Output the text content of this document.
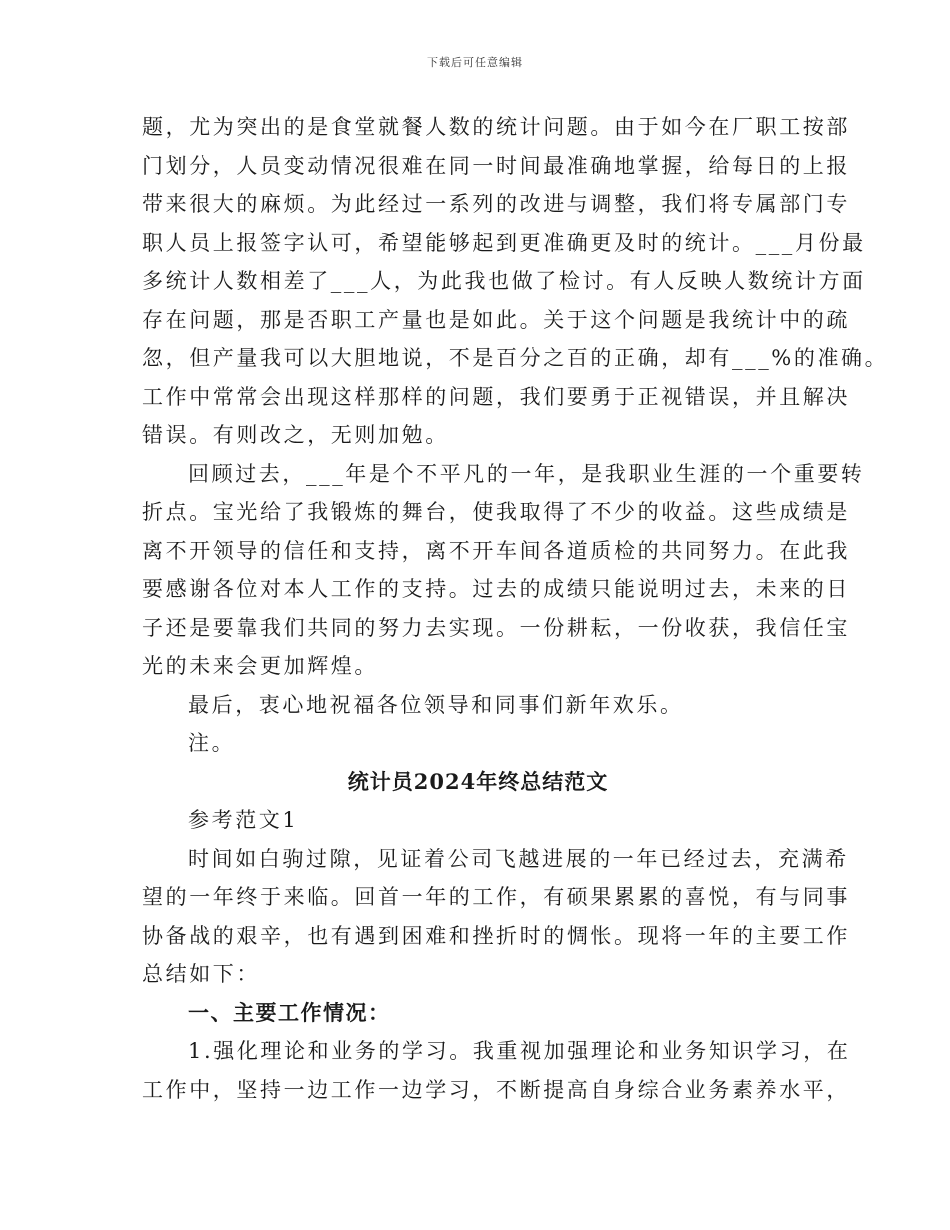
下载后可任意编辑
题，尤为突出的是食堂就餐人数的统计问题。由于如今在厂职工按部
门划分，人员变动情况很难在同一时间最准确地掌握，给每日的上报
带来很大的麻烦。为此经过一系列的改进与调整，我们将专属部门专
职人员上报签字认可，希望能够起到更准确更及时的统计。___月份最
多统计人数相差了___人，为此我也做了检讨。有人反映人数统计方面
存在问题，那是否职工产量也是如此。关于这个问题是我统计中的疏
忽，但产量我可以大胆地说，不是百分之百的正确，却有___%的准确。
工作中常常会出现这样那样的问题，我们要勇于正视错误，并且解决
错误。有则改之，无则加勉。
回顾过去，___年是个不平凡的一年，是我职业生涯的一个重要转
折点。宝光给了我锻炼的舞台，使我取得了不少的收益。这些成绩是
离不开领导的信任和支持，离不开车间各道质检的共同努力。在此我
要感谢各位对本人工作的支持。过去的成绩只能说明过去，未来的日
子还是要靠我们共同的努力去实现。一份耕耘，一份收获，我信任宝
光的未来会更加辉煌。
最后，衷心地祝福各位领导和同事们新年欢乐。
注。
统计员2024年终总结范文
参考范文1
时间如白驹过隙，见证着公司飞越进展的一年已经过去，充满希
望的一年终于来临。回首一年的工作，有硕果累累的喜悦，有与同事
协备战的艰辛，也有遇到困难和挫折时的惆怅。现将一年的主要工作
总结如下：
一、主要工作情况：
1.强化理论和业务的学习。我重视加强理论和业务知识学习，在
工作中，坚持一边工作一边学习，不断提高自身综合业务素养水平，
